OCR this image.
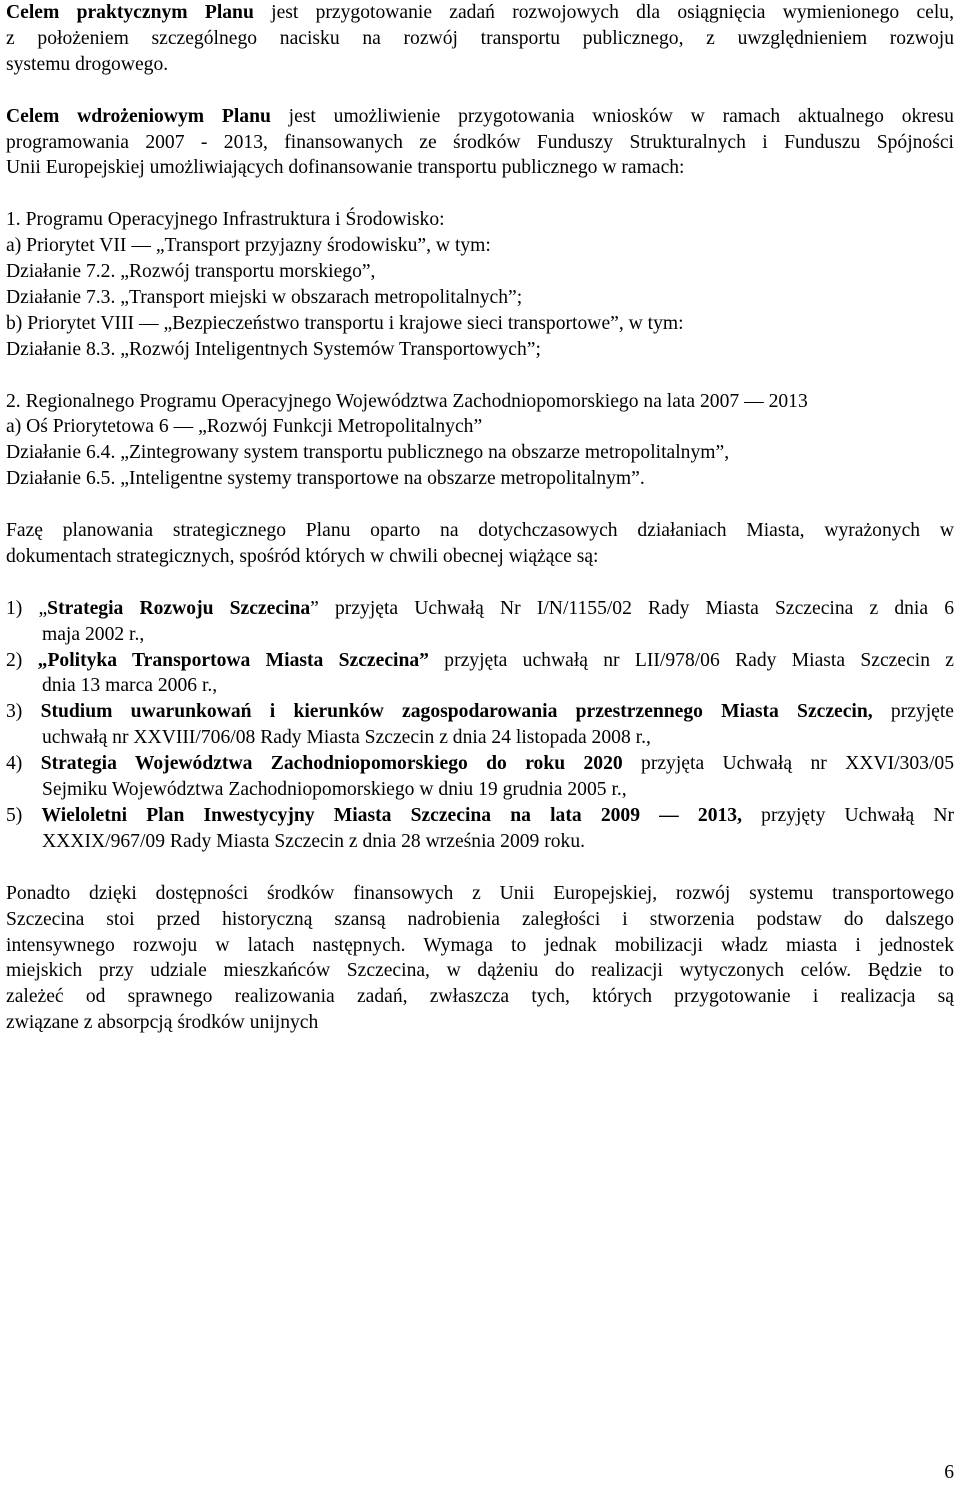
Celem praktycznym Planu jest przygotowanie zadań rozwojowych dla osiągnięcia wymienionego celu,
z położeniem szczególnego nacisku na rozwój transportu publicznego, z uwzględnieniem rozwoju
systemu drogowego.
Celem wdrożeniowym Planu jest umożliwienie przygotowania wniosków w ramach aktualnego okresu
programowania 2007 - 2013, finansowanych ze środków Funduszy Strukturalnych i Funduszu Spójności
Unii Europejskiej umożliwiających dofinansowanie transportu publicznego w ramach:
1. Programu Operacyjnego Infrastruktura i Środowisko:
a) Priorytet VII ― „Transport przyjazny środowisku”, w tym:
Działanie 7.2. „Rozwój transportu morskiego”,
Działanie 7.3. „Transport miejski w obszarach metropolitalnych”;
b) Priorytet VIII ― „Bezpieczeństwo transportu i krajowe sieci transportowe”, w tym:
Działanie 8.3. „Rozwój Inteligentnych Systemów Transportowych”;
2. Regionalnego Programu Operacyjnego Województwa Zachodniopomorskiego na lata 2007 ― 2013
a) Oś Priorytetowa 6 ― „Rozwój Funkcji Metropolitalnych”
Działanie 6.4. „Zintegrowany system transportu publicznego na obszarze metropolitalnym”,
Działanie 6.5. „Inteligentne systemy transportowe na obszarze metropolitalnym”.
Fazę planowania strategicznego Planu oparto na dotychczasowych działaniach Miasta, wyrażonych w
dokumentach strategicznych, spośród których w chwili obecnej wiążące są:
1) „Strategia Rozwoju Szczecina” przyjęta Uchwałą Nr I/N/1155/02 Rady Miasta Szczecina z dnia 6
maja 2002 r.,
2) „Polityka Transportowa Miasta Szczecina” przyjęta uchwałą nr LII/978/06 Rady Miasta Szczecin z
dnia 13 marca 2006 r.,
3) Studium uwarunkowań i kierunków zagospodarowania przestrzennego Miasta Szczecin, przyjęte
uchwałą nr XXVIII/706/08 Rady Miasta Szczecin z dnia 24 listopada 2008 r.,
4) Strategia Województwa Zachodniopomorskiego do roku 2020 przyjęta Uchwałą nr XXVI/303/05
Sejmiku Województwa Zachodniopomorskiego w dniu 19 grudnia 2005 r.,
5) Wieloletni Plan Inwestycyjny Miasta Szczecina na lata 2009 ― 2013, przyjęty Uchwałą Nr
XXXIX/967/09 Rady Miasta Szczecin z dnia 28 września 2009 roku.
Ponadto dzięki dostępności środków finansowych z Unii Europejskiej, rozwój systemu transportowego
Szczecina stoi przed historyczną szansą nadrobienia zaległości i stworzenia podstaw do dalszego
intensywnego rozwoju w latach następnych. Wymaga to jednak mobilizacji władz miasta i jednostek
miejskich przy udziale mieszkańców Szczecina, w dążeniu do realizacji wytyczonych celów. Będzie to
zależeć od sprawnego realizowania zadań, zwłaszcza tych, których przygotowanie i realizacja są
związane z absorpcją środków unijnych
6
